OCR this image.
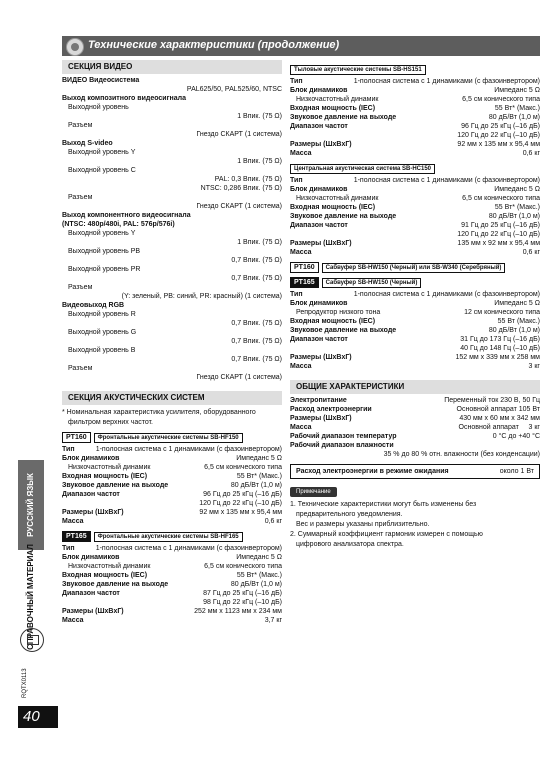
Технические характеристики (продолжение)
СЕКЦИЯ ВИДЕО
ВИДЕО Видеосистема
PAL625/50, PAL525/60, NTSC
Выход композитного видеосигнала
Выходной уровень
1 Впик. (75 Ω)
Разъем
Гнездо СКАРТ (1 система)
Выход S-video
Выходной уровень Y
1 Впик. (75 Ω)
Выходной уровень C
PAL: 0,3 Впик. (75 Ω)
NTSC: 0,286 Впик. (75 Ω)
Разъем
Гнездо СКАРТ (1 система)
Выход компонентного видеосигнала
(NTSC: 480p/480i, PAL: 576p/576i)
Выходной уровень Y
1 Впик. (75 Ω)
Выходной уровень PB
0,7 Впик. (75 Ω)
Выходной уровень PR
0,7 Впик. (75 Ω)
Разъем
(Y: зеленый, PB: синий, PR: красный) (1 система)
Видеовыход RGB
Выходной уровень R
0,7 Впик. (75 Ω)
Выходной уровень G
0,7 Впик. (75 Ω)
Выходной уровень B
0,7 Впик. (75 Ω)
Разъем
Гнездо СКАРТ (1 система)
СЕКЦИЯ АКУСТИЧЕСКИХ СИСТЕМ
* Номинальная характеристика усилителя, оборудованного
фильтром верхних частот.
PT160	Фронтальные акустические системы SB-HF150
Тип	1-полосная система с 1 динамиками (с фазоинвертором)
Блок динамиков	Импеданс 5 Ω
Низкочастотный динамик	6,5 см конического типа
Входная мощность (IEC)	55 Вт* (Макс.)
Звуковое давление на выходе	80 дБ/Вт (1,0 м)
Диапазон частот	96 Гц до 25 кГц (–16 дБ)
120 Гц до 22 кГц (–10 дБ)
Размеры (ШxВxГ)	92 мм x 135 мм x 95,4 мм
Масса	0,6 кг
PT165	Фронтальные акустические системы SB-HF165
Тип	1-полосная система с 1 динамиками (с фазоинвертором)
Блок динамиков	Импеданс 5 Ω
Низкочастотный динамик	6,5 см конического типа
Входная мощность (IEC)	55 Вт* (Макс.)
Звуковое давление на выходе	80 дБ/Вт (1,0 м)
Диапазон частот	87 Гц до 25 кГц (–16 дБ)
98 Гц до 22 кГц (–10 дБ)
Размеры (ШxВxГ)	252 мм x 1123 мм x 234 мм
Масса	3,7 кг
Тыловые акустические системы SB-HS151
Тип	1-полосная система с 1 динамиками (с фазоинвертором)
Блок динамиков	Импеданс 5 Ω
Низкочастотный динамик	6,5 см конического типа
Входная мощность (IEC)	55 Вт* (Макс.)
Звуковое давление на выходе	80 дБ/Вт (1,0 м)
Диапазон частот	96 Гц до 25 кГц (–16 дБ)
120 Гц до 22 кГц (–10 дБ)
Размеры (ШxВxГ)	92 мм x 135 мм x 95,4 мм
Масса	0,6 кг
Центральная акустическая система SB-HC150
Тип	1-полосная система с 1 динамиками (с фазоинвертором)
Блок динамиков	Импеданс 5 Ω
Низкочастотный динамик	6,5 см конического типа
Входная мощность (IEC)	55 Вт* (Макс.)
Звуковое давление на выходе	80 дБ/Вт (1,0 м)
Диапазон частот	91 Гц до 25 кГц (–16 дБ)
120 Гц до 22 кГц (–10 дБ)
Размеры (ШxВxГ)	135 мм x 92 мм x 95,4 мм
Масса	0,6 кг
PT160	Сабвуфер SB-HW150 (Черный) или SB-W340 (Серебряный)
PT165	Сабвуфер SB-HW150 (Черный)
Тип	1-полосная система с 1 динамиками (с фазоинвертором)
Блок динамиков	Импеданс 5 Ω
Репродуктор низкого тона	12 см конического типа
Входная мощность (IEC)	55 Вт (Макс.)
Звуковое давление на выходе	80 дБ/Вт (1,0 м)
Диапазон частот	31 Гц до 173 Гц (–16 дБ)
40 Гц до 148 Гц (–10 дБ)
Размеры (ШxВxГ)	152 мм x 339 мм x 258 мм
Масса	3 кг
ОБЩИЕ ХАРАКТЕРИСТИКИ
Электропитание	Переменный ток 230 В, 50 Гц
Расход электроэнергии	Основной аппарат 105 Вт
Размеры (ШxВxГ)	430 мм x 60 мм x 342 мм
Масса	Основной аппарат 3 кг
Рабочий диапазон температур	0 °C до +40 °C
Рабочий диапазон влажности
35 % до 80 % отн. влажности (без конденсации)
Расход электроэнергии в режиме ожидания	около 1 Вт
Примечание
1. Технические характеристики могут быть изменены без
предварительного уведомления.
Вес и размеры указаны приблизительно.
2. Суммарный коэффициент гармоник измерен с помощью
цифрового анализатора спектра.
РУССКИЙ ЯЗЫК
СПРАВОЧНЫЙ МАТЕРИАЛ
RQTX0113
40
